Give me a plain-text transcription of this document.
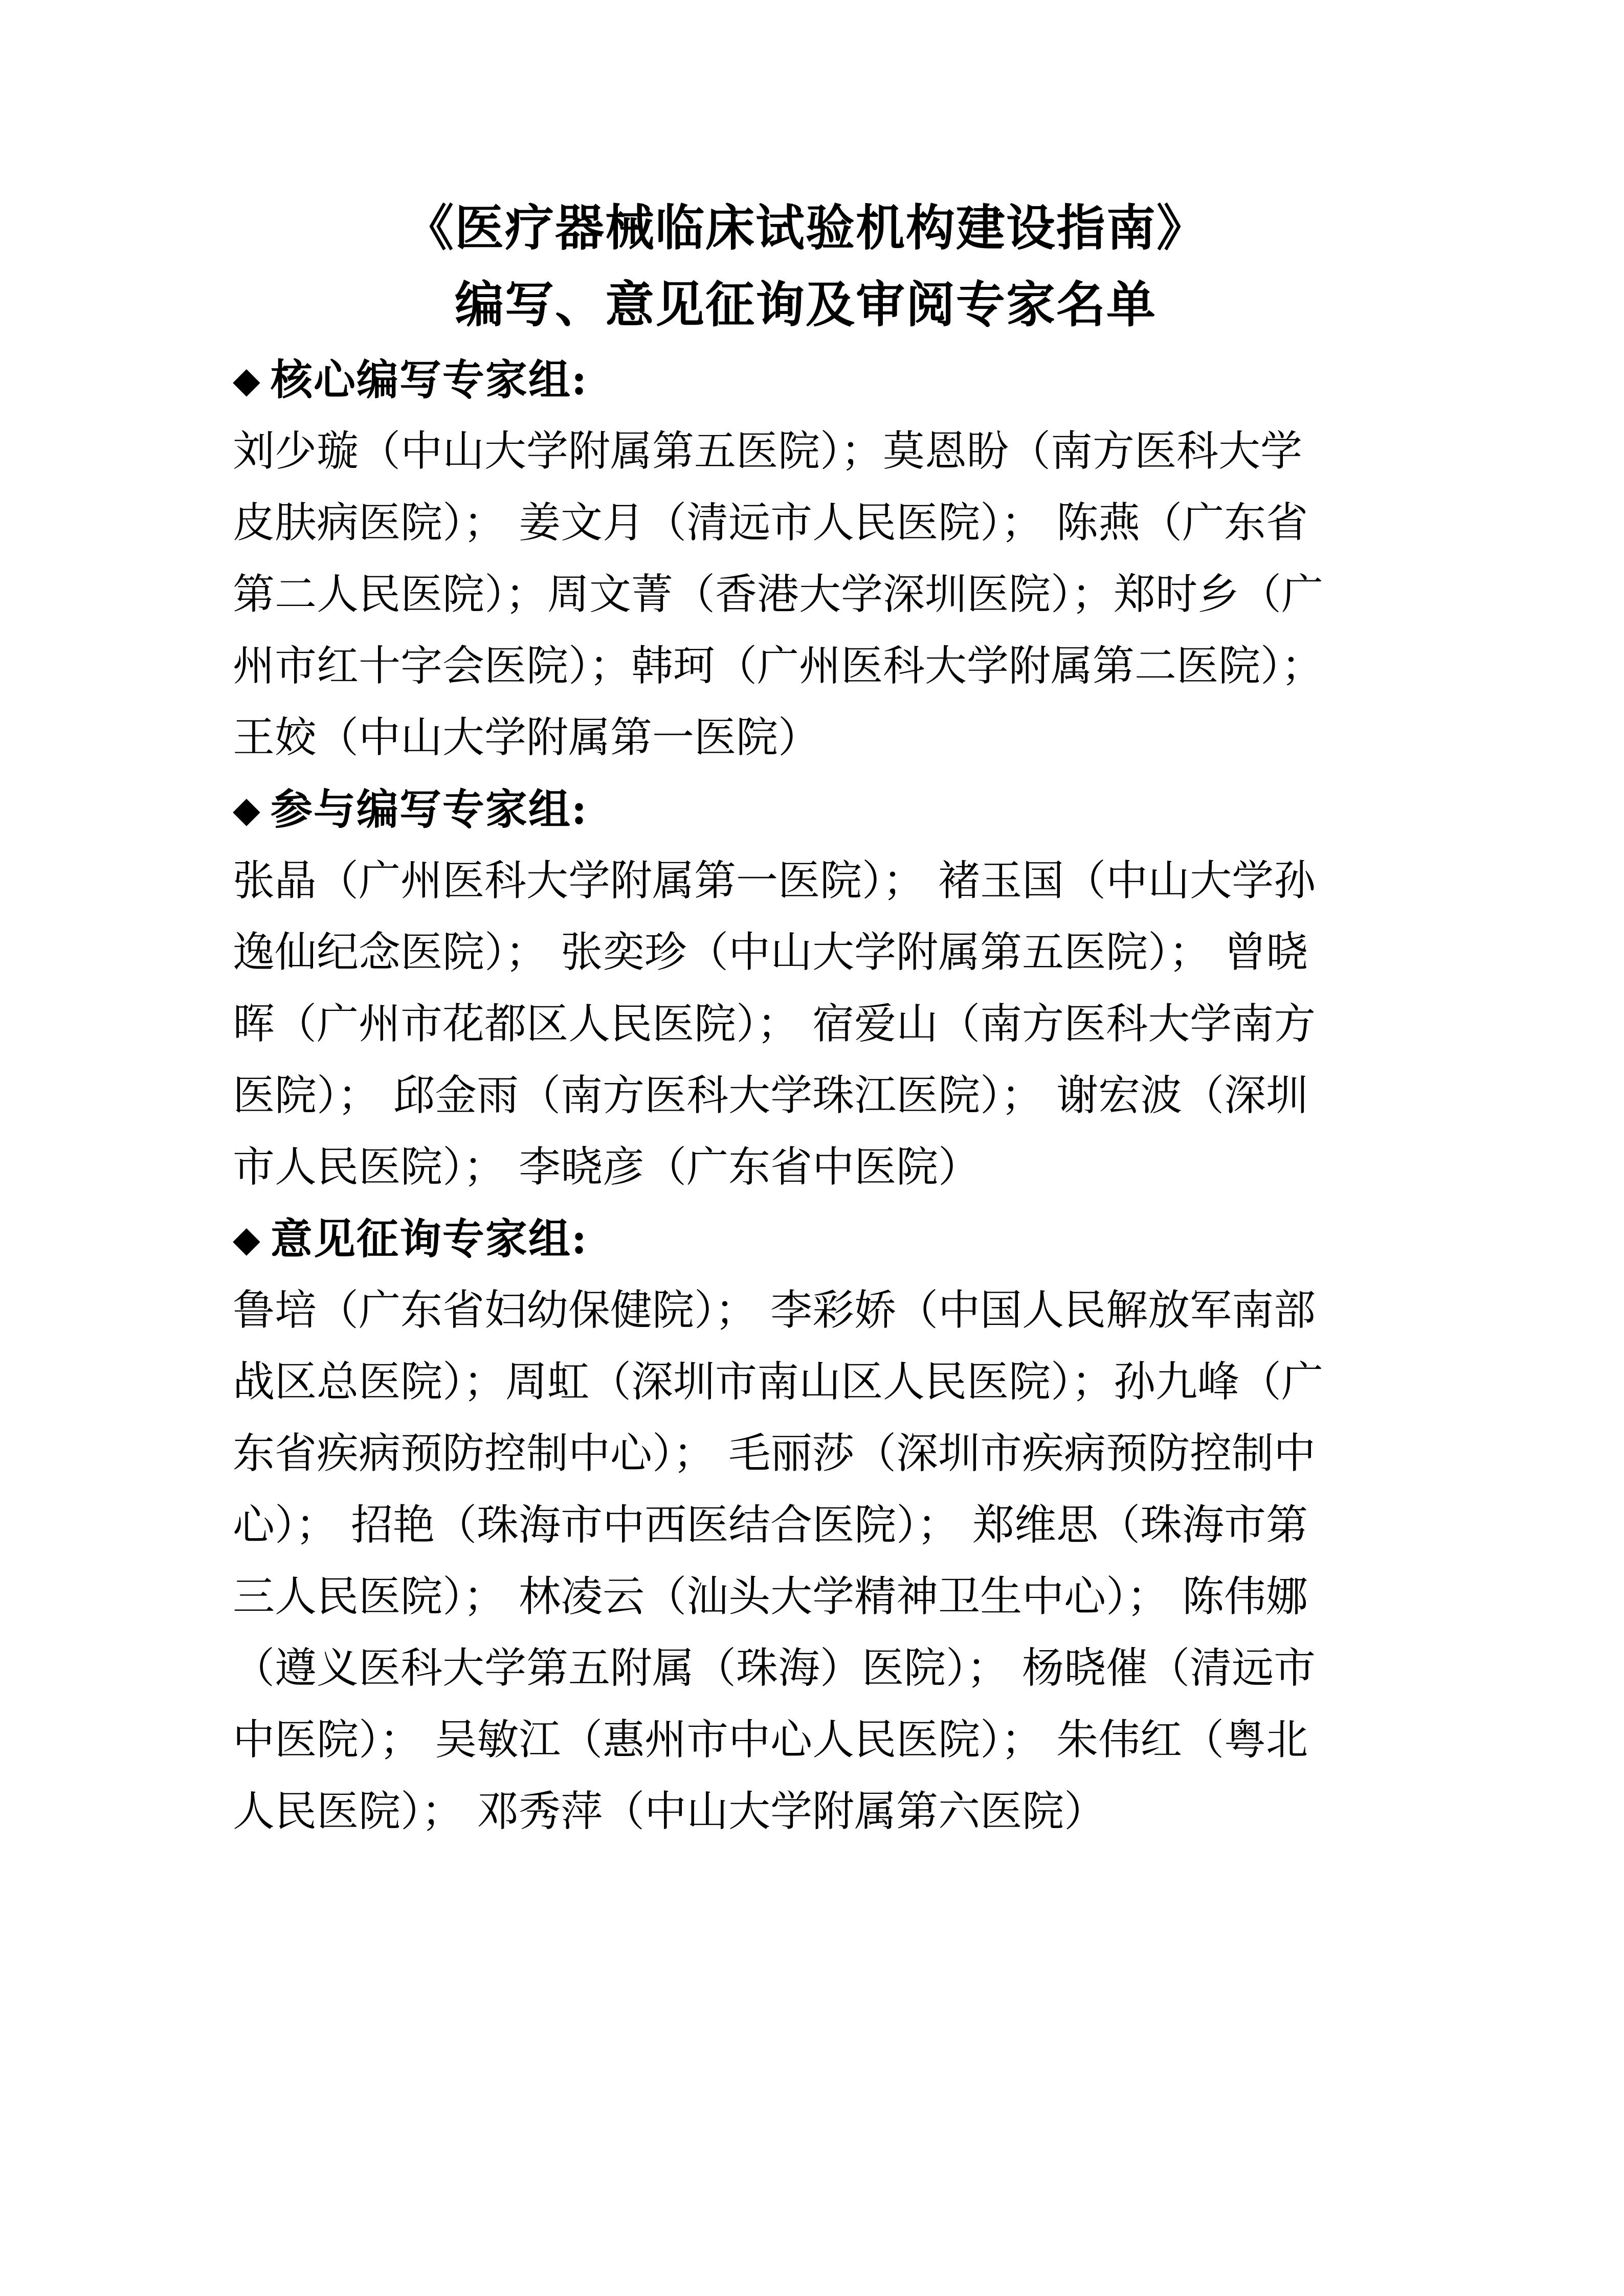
《医疗器械临床试验机构建设指南》
编写、意见征询及审阅专家名单
◆ 核心编写专家组:
刘少璇（中山大学附属第五医院）；莫恩盼（南方医科大学
皮肤病医院）； 姜文月（清远市人民医院）； 陈燕（广东省
第二人民医院）；周文菁（香港大学深圳医院）；郑时乡（广
州市红十字会医院）；韩珂（广州医科大学附属第二医院）；
王姣（中山大学附属第一医院）
◆ 参与编写专家组:
张晶（广州医科大学附属第一医院）； 褚玉国（中山大学孙
逸仙纪念医院）； 张奕珍（中山大学附属第五医院）； 曾晓
晖（广州市花都区人民医院）； 宿爱山（南方医科大学南方
医院）； 邱金雨（南方医科大学珠江医院）； 谢宏波（深圳
市人民医院）； 李晓彦（广东省中医院）
◆ 意见征询专家组:
鲁培（广东省妇幼保健院）； 李彩娇（中国人民解放军南部
战区总医院）；周虹（深圳市南山区人民医院）；孙九峰（广
东省疾病预防控制中心）； 毛丽莎（深圳市疾病预防控制中
心）； 招艳（珠海市中西医结合医院）； 郑维思（珠海市第
三人民医院）； 林凌云（汕头大学精神卫生中心）； 陈伟娜
（遵义医科大学第五附属（珠海）医院）； 杨晓催（清远市
中医院）； 吴敏江（惠州市中心人民医院）； 朱伟红（粤北
人民医院）； 邓秀萍（中山大学附属第六医院）
